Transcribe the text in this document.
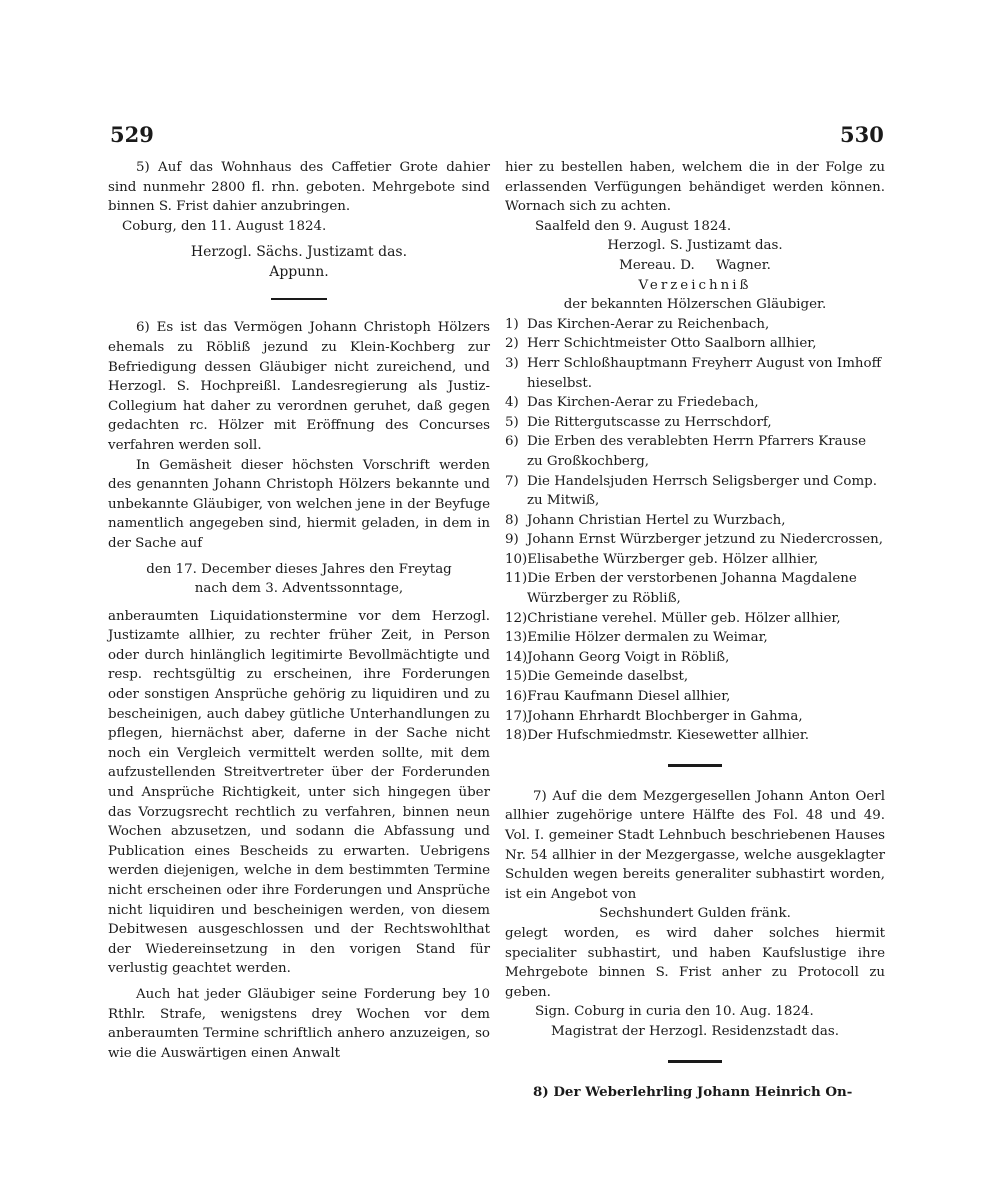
529	530

5) Auf das Wohnhaus des Caffetier Grote dahier sind nunmehr 2800 fl. rhn. geboten. Mehrgebote sind binnen S. Frist dahier anzubringen.

Coburg, den 11. August 1824.

Herzogl. Sächs. Justizamt das.

Appunn.

6) Es ist das Vermögen Johann Christoph Hölzers ehemals zu Röbliß jezund zu Klein-Kochberg zur Befriedigung dessen Gläubiger nicht zureichend, und Herzogl. S. Hochpreißl. Landesregierung als Justiz-Collegium hat daher zu verordnen geruhet, daß gegen gedachten rc. Hölzer mit Eröffnung des Concurses verfahren werden soll.

In Gemäsheit dieser höchsten Vorschrift werden des genannten Johann Christoph Hölzers bekannte und unbekannte Gläubiger, von welchen jene in der Beyfuge namentlich angegeben sind, hiermit geladen, in dem in der Sache auf

den 17. December dieses Jahres den Freytag nach dem 3. Adventssonntage,

anberaumten Liquidationstermine vor dem Herzogl. Justizamte allhier, zu rechter früher Zeit, in Person oder durch hinlänglich legitimirte Bevollmächtigte und resp. rechtsgültig zu erscheinen, ihre Forderungen oder sonstigen Ansprüche gehörig zu liquidiren und zu bescheinigen, auch dabey gütliche Unterhandlungen zu pflegen, hiernächst aber, daferne in der Sache nicht noch ein Vergleich vermittelt werden sollte, mit dem aufzustellenden Streitvertreter über der Forderunden und Ansprüche Richtigkeit, unter sich hingegen über das Vorzugsrecht rechtlich zu verfahren, binnen neun Wochen abzusetzen, und sodann die Abfassung und Publication eines Bescheids zu erwarten. Uebrigens werden diejenigen, welche in dem bestimmten Termine nicht erscheinen oder ihre Forderungen und Ansprüche nicht liquidiren und bescheinigen werden, von diesem Debitwesen ausgeschlossen und der Rechtswohlthat der Wiedereinsetzung in den vorigen Stand für verlustig geachtet werden.

Auch hat jeder Gläubiger seine Forderung bey 10 Rthlr. Strafe, wenigstens drey Wochen vor dem anberaumten Termine schriftlich anhero anzuzeigen, so wie die Auswärtigen einen Anwalt

hier zu bestellen haben, welchem die in der Folge zu erlassenden Verfügungen behändiget werden können. Wornach sich zu achten.

Saalfeld den 9. August 1824.

Herzogl. S. Justizamt das.

Mereau. D.     Wagner.

Verzeichniß

der bekannten Hölzerschen Gläubiger.

1) Das Kirchen-Aerar zu Reichenbach,
2) Herr Schichtmeister Otto Saalborn allhier,
3) Herr Schloßhauptmann Freyherr August von Imhoff hieselbst.
4) Das Kirchen-Aerar zu Friedebach,
5) Die Rittergutscasse zu Herrschdorf,
6) Die Erben des verablebten Herrn Pfarrers Krause zu Großkochberg,
7) Die Handelsjuden Herrsch Seligsberger und Comp. zu Mitwiß,
8) Johann Christian Hertel zu Wurzbach,
9) Johann Ernst Würzberger jetzund zu Niedercrossen,
10)Elisabethe Würzberger geb. Hölzer allhier,
11)Die Erben der verstorbenen Johanna Magdalene Würzberger zu Röbliß,
12)Christiane verehel. Müller geb. Hölzer allhier,
13)Emilie Hölzer dermalen zu Weimar,
14)Johann Georg Voigt in Röbliß,
15)Die Gemeinde daselbst,
16)Frau Kaufmann Diesel allhier,
17)Johann Ehrhardt Blochberger in Gahma,
18)Der Hufschmiedmstr. Kiesewetter allhier.

7) Auf die dem Mezgergesellen Johann Anton Oerl allhier zugehörige untere Hälfte des Fol. 48 und 49. Vol. I. gemeiner Stadt Lehnbuch beschriebenen Hauses Nr. 54 allhier in der Mezgergasse, welche ausgeklagter Schulden wegen bereits generaliter subhastirt worden, ist ein Angebot von

Sechshundert Gulden fränk.

gelegt worden, es wird daher solches hiermit specialiter subhastirt, und haben Kaufslustige ihre Mehrgebote binnen S. Frist anher zu Protocoll zu geben.

Sign. Coburg in curia den 10. Aug. 1824.

Magistrat der Herzogl. Residenzstadt das.

8) Der Weberlehrling Johann Heinrich On-
